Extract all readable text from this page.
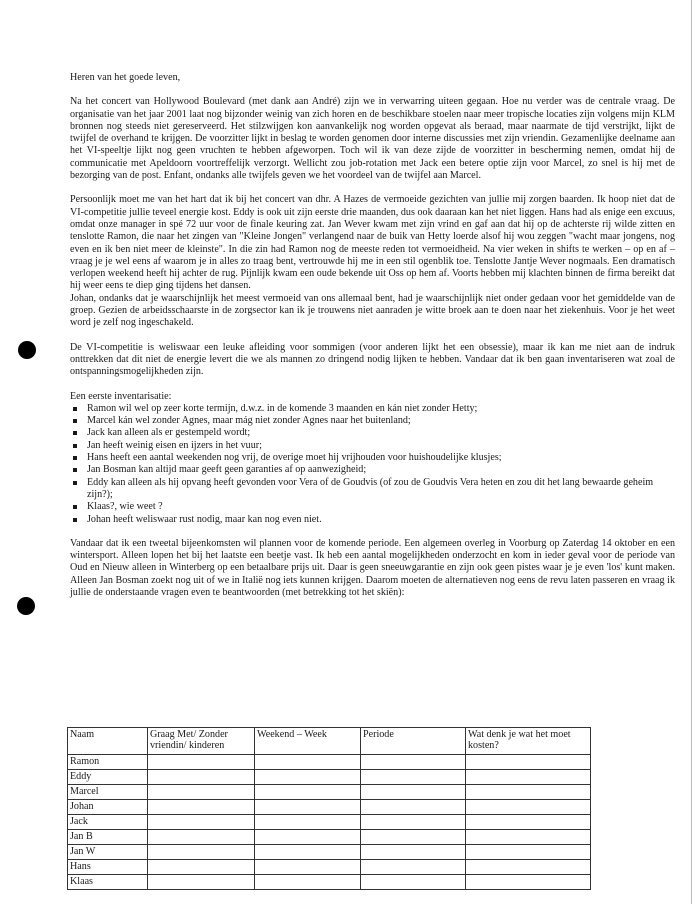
Heren van het goede leven,

Na het concert van Hollywood Boulevard (met dank aan André) zijn we in verwarring uiteen gegaan. Hoe nu verder was de centrale vraag. De organisatie van het jaar 2001 laat nog bijzonder weinig van zich horen en de beschikbare stoelen naar meer tropische locaties zijn volgens mijn KLM bronnen nog steeds niet gereserveerd. Het stilzwijgen kon aanvankelijk nog worden opgevat als beraad, maar naarmate de tijd verstrijkt, lijkt de twijfel de overhand te krijgen. De voorzitter lijkt in beslag te worden genomen door interne discussies met zijn vriendin. Gezamenlijke deelname aan het VI-speeltje lijkt nog geen vruchten te hebben afgeworpen. Toch wil ik van deze zijde de voorzitter in bescherming nemen, omdat hij de communicatie met Apeldoorn voortreffelijk verzorgt. Wellicht zou job-rotation met Jack een betere optie zijn voor Marcel, zo snel is hij met de bezorging van de post. Enfant, ondanks alle twijfels geven we het voordeel van de twijfel aan Marcel.

Persoonlijk moet me van het hart dat ik bij het concert van dhr. A Hazes de vermoeide gezichten van jullie mij zorgen baarden. Ik hoop niet dat de VI-competitie jullie teveel energie kost. Eddy is ook uit zijn eerste drie maanden, dus ook daaraan kan het niet liggen. Hans had als enige een excuus, omdat onze manager in spé 72 uur voor de finale keuring zat. Jan Wever kwam met zijn vrind en gaf aan dat hij op de achterste rij wilde zitten en tenslotte Ramon, die naar het zingen van "Kleine Jongen" verlangend naar de buik van Hetty loerde alsof hij wou zeggen "wacht maar jongens, nog even en ik ben niet meer de kleinste". In die zin had Ramon nog de meeste reden tot vermoeidheid. Na vier weken in shifts te werken – op en af – vraag je je wel eens af waarom je in alles zo traag bent, vertrouwde hij me in een stil ogenblik toe. Tenslotte Jantje Wever nogmaals. Een dramatisch verlopen weekend heeft hij achter de rug. Pijnlijk kwam een oude bekende uit Oss op hem af. Voorts hebben mij klachten binnen de firma bereikt dat hij weer eens te diep ging tijdens het dansen.

Johan, ondanks dat je waarschijnlijk het meest vermoeid van ons allemaal bent, had je waarschijnlijk niet onder gedaan voor het gemiddelde van de groep. Gezien de arbeidsschaarste in de zorgsector kan ik je trouwens niet aanraden je witte broek aan te doen naar het ziekenhuis. Voor je het weet word je zelf nog ingeschakeld.

De VI-competitie is weliswaar een leuke afleiding voor sommigen (voor anderen lijkt het een obsessie), maar ik kan me niet aan de indruk onttrekken dat dit niet de energie levert die we als mannen zo dringend nodig lijken te hebben. Vandaar dat ik ben gaan inventariseren wat zoal de ontspanningsmogelijkheden zijn.

Een eerste inventarisatie:

Ramon wil wel op zeer korte termijn, d.w.z. in de komende 3 maanden en kán niet zonder Hetty;
Marcel kán wel zonder Agnes, maar mág niet zonder Agnes naar het buitenland;
Jack kan alleen als er gestempeld wordt;
Jan heeft weinig eisen en ijzers in het vuur;
Hans heeft een aantal weekenden nog vrij, de overige moet hij vrijhouden voor huishoudelijke klusjes;
Jan Bosman kan altijd maar geeft geen garanties af op aanwezigheid;
Eddy kan alleen als hij opvang heeft gevonden voor Vera of de Goudvis (of zou de Goudvis Vera heten en zou dit het lang bewaarde geheim zijn?);
Klaas?, wie weet ?
Johan heeft weliswaar rust nodig, maar kan nog even niet.

Vandaar dat ik een tweetal bijeenkomsten wil plannen voor de komende periode. Een algemeen overleg in Voorburg op Zaterdag 14 oktober en een wintersport. Alleen lopen het bij het laatste een beetje vast. Ik heb een aantal mogelijkheden onderzocht en kom in ieder geval voor de periode van Oud en Nieuw alleen in Winterberg op een betaalbare prijs uit. Daar is geen sneeuwgarantie en zijn ook geen pistes waar je je even 'los' kunt maken. Alleen Jan Bosman zoekt nog uit of we in Italië nog iets kunnen krijgen. Daarom moeten de alternatieven nog eens de revu laten passeren en vraag ik jullie de onderstaande vragen even te beantwoorden (met betrekking tot het skiën):

Naam	Graag Met/ Zonder vriendin/ kinderen	Weekend – Week	Periode	Wat denk je wat het moet kosten?
Ramon				
Eddy				
Marcel				
Johan				
Jack				
Jan B				
Jan W				
Hans				
Klaas				
